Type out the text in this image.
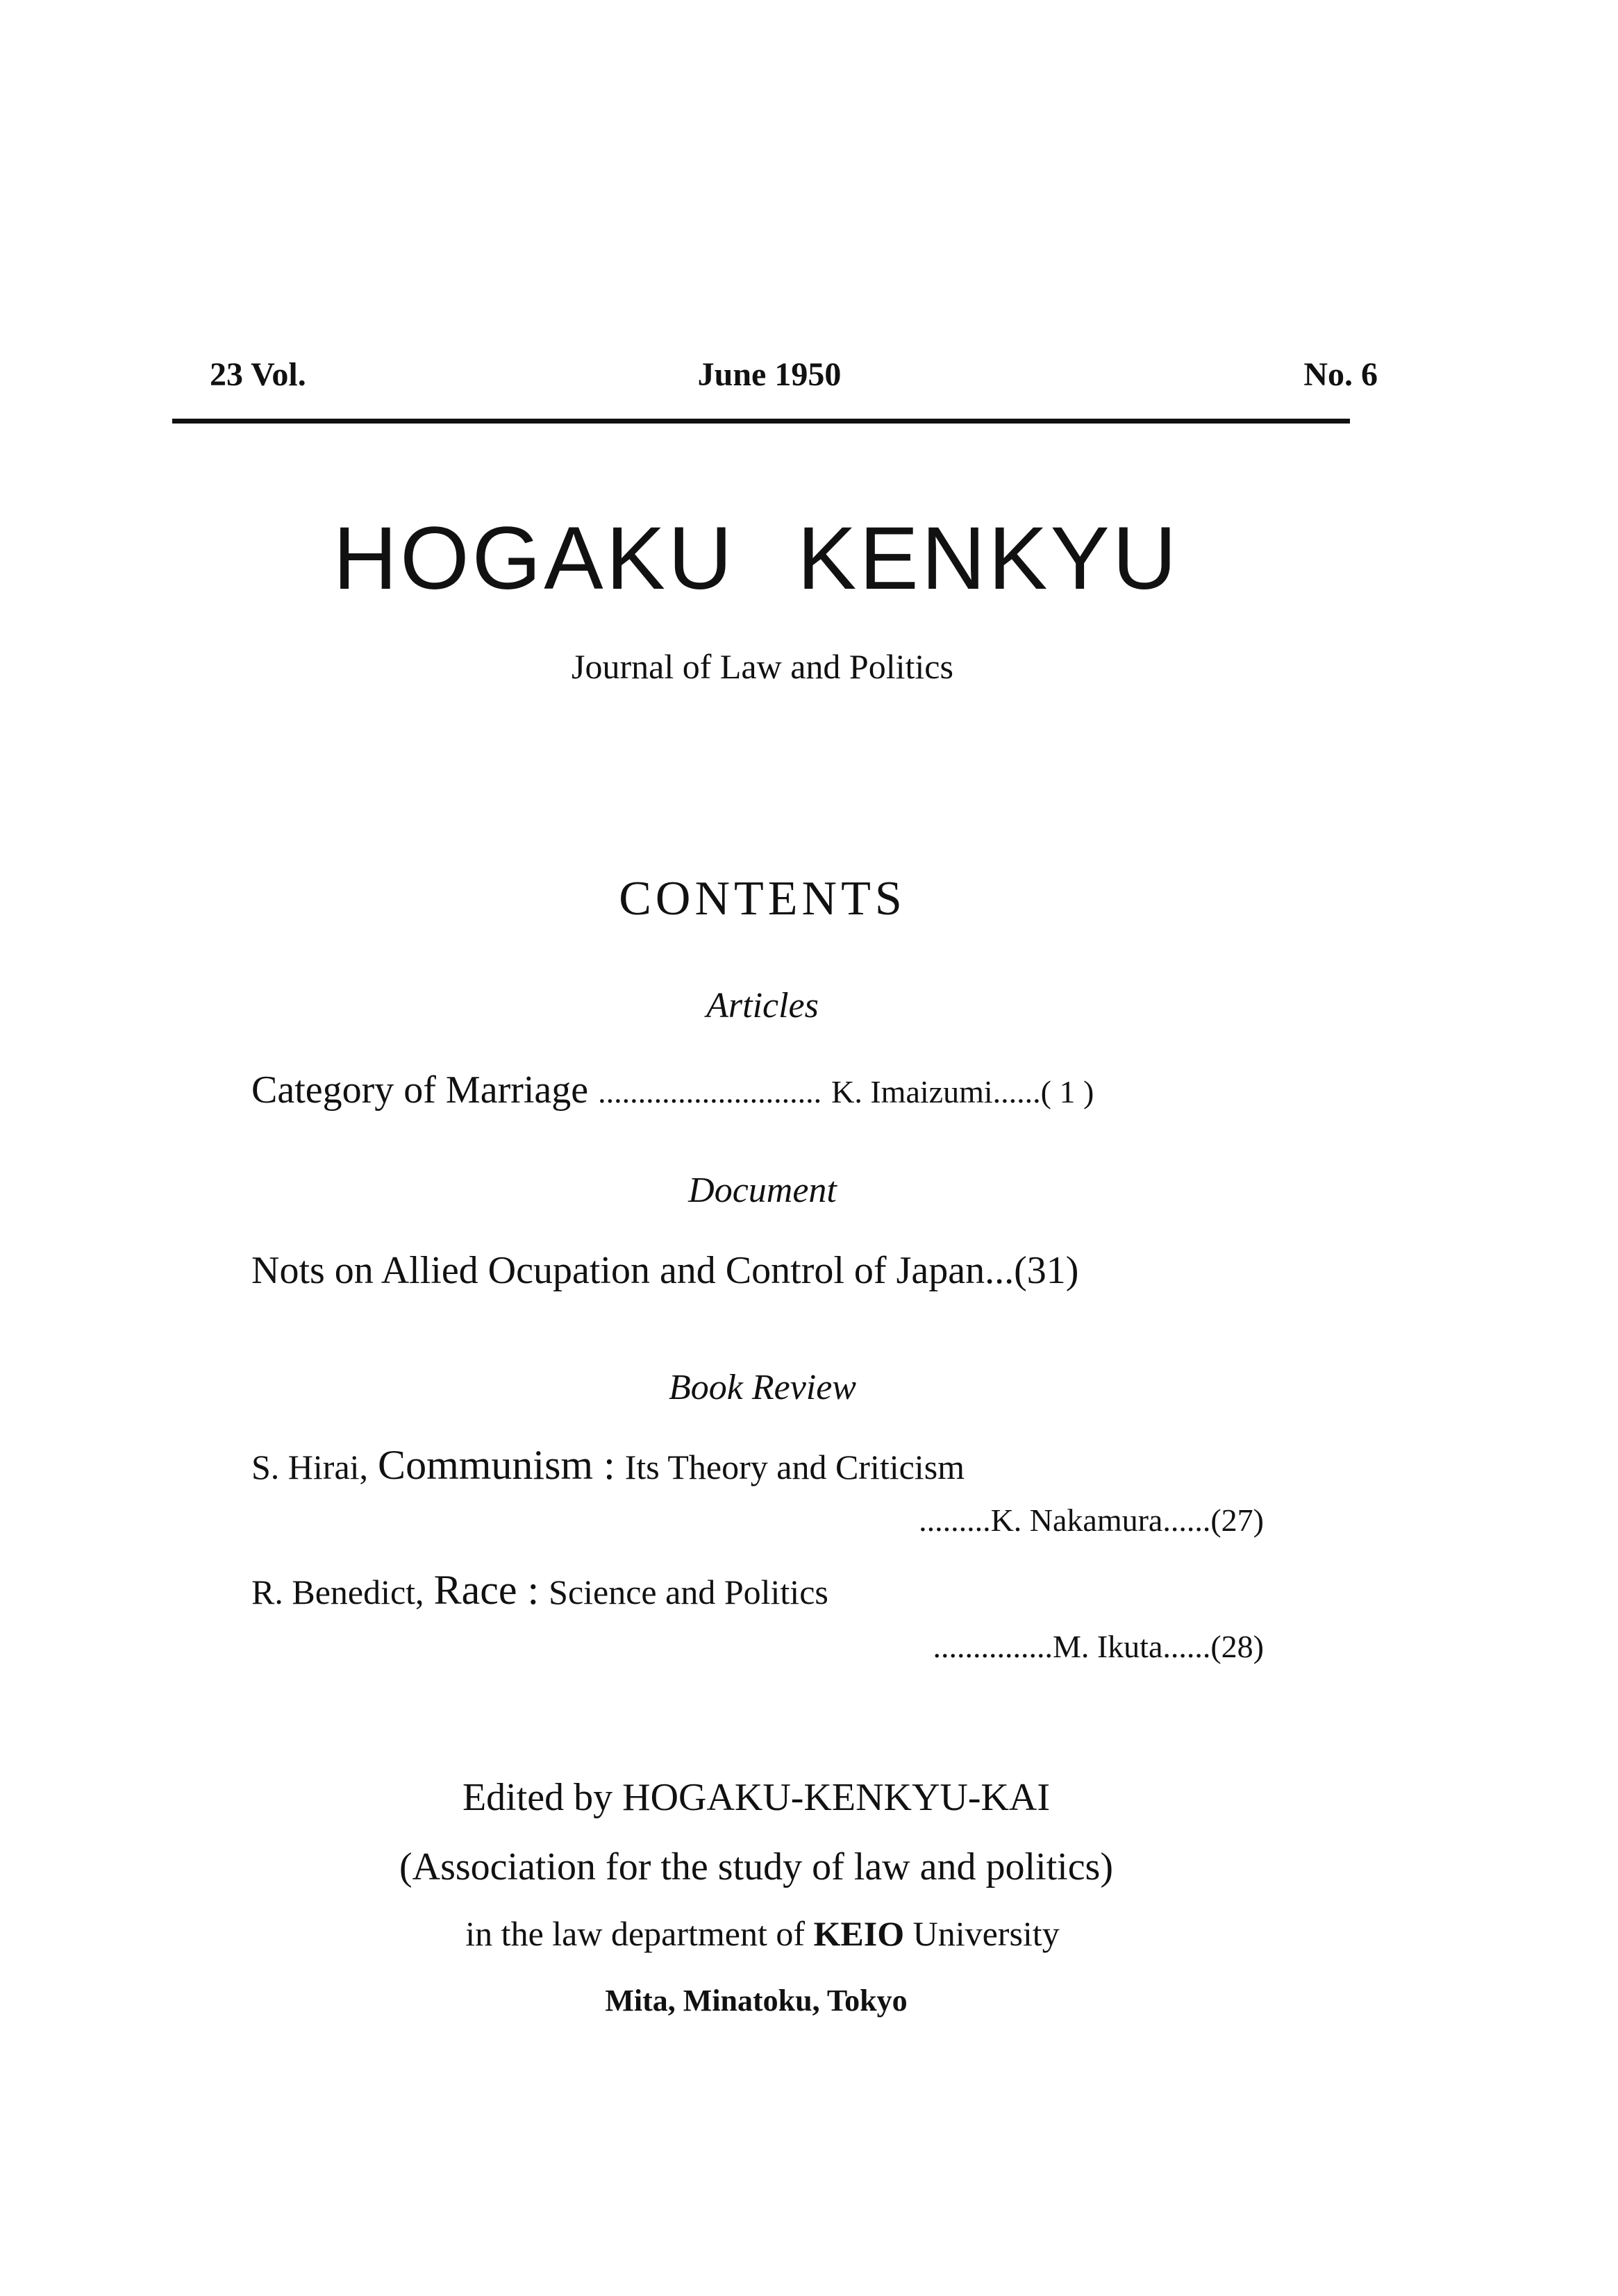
23 Vol.	June 1950	No. 6
HOGAKU KENKYU
Journal of Law and Politics
CONTENTS
Articles
Category of Marriage ............................ K. Imaizumi......( 1 )
Document
Nots on Allied Ocupation and Control of Japan...(31)
Book Review
S. Hirai, Communism : Its Theory and Criticism
.........K. Nakamura......(27)
R. Benedict, Race : Science and Politics
...............M. Ikuta......(28)
Edited by HOGAKU-KENKYU-KAI
(Association for the study of law and politics)
in the law department of KEIO University
Mita, Minatoku, Tokyo
